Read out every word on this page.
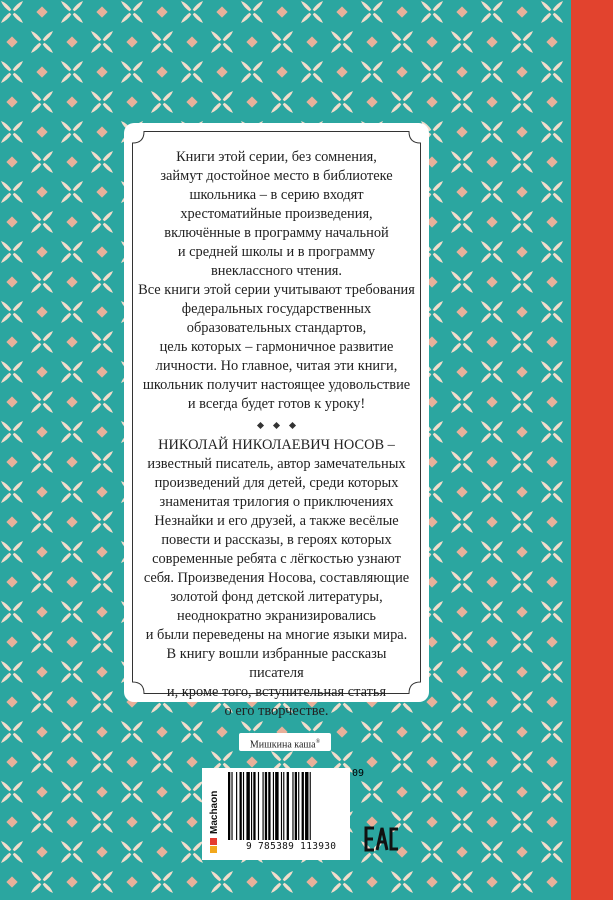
Книги этой серии, без сомнения,
займут достойное место в библиотеке
школьника – в серию входят
хрестоматийные произведения,
включённые в программу начальной
и средней школы и в программу
внеклассного чтения.
Все книги этой серии учитывают требования
федеральных государственных
образовательных стандартов,
цель которых – гармоничное развитие
личности. Но главное, читая эти книги,
школьник получит настоящее удовольствие
и всегда будет готов к уроку!

НИКОЛАЙ НИКОЛАЕВИЧ НОСОВ –
известный писатель, автор замечательных
произведений для детей, среди которых
знаменитая трилогия о приключениях
Незнайки и его друзей, а также весёлые
повести и рассказы, в героях которых
современные ребята с лёгкостью узнают
себя. Произведения Носова, составляющие
золотой фонд детской литературы,
неоднократно экранизировались
и были переведены на многие языки мира.
В книгу вошли избранные рассказы писателя
и, кроме того, вступительная статья
о его творчестве.

Мишкина каша®
Machaon
09
9 785389 113930
